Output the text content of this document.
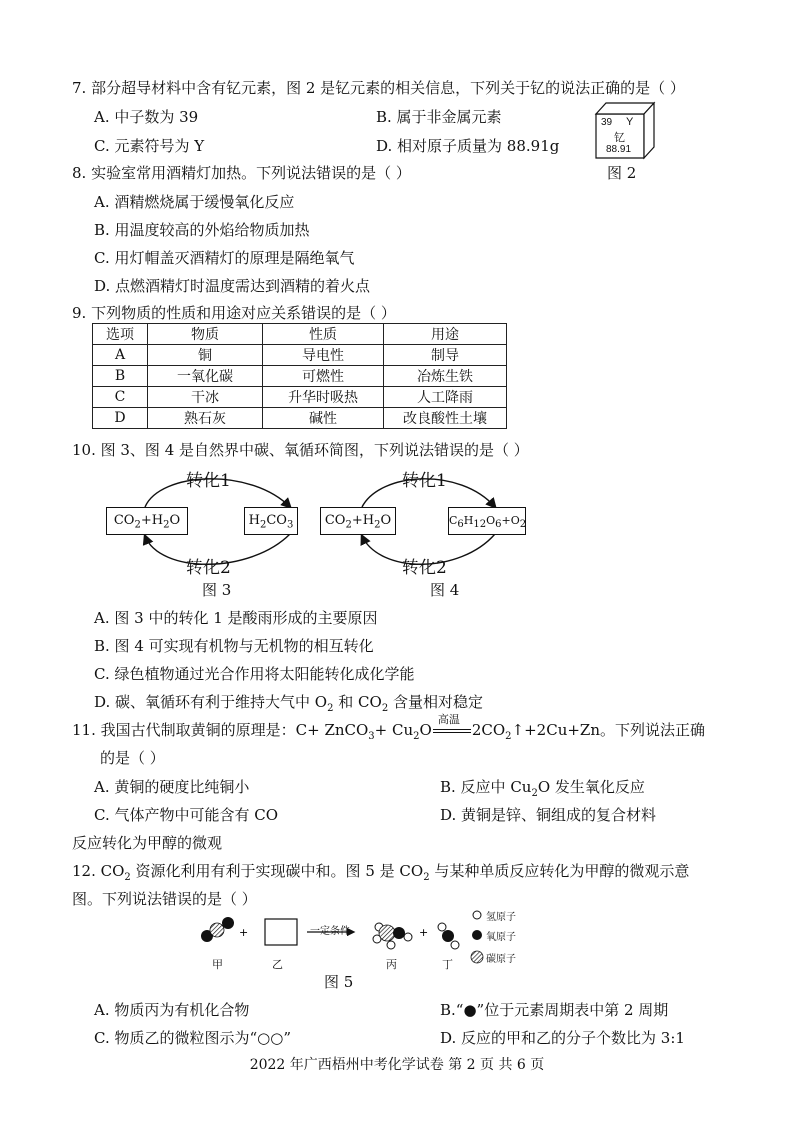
7. 部分超导材料中含有钇元素，图 2 是钇元素的相关信息，下列关于钇的说法正确的是（ ）
A. 中子数为 39	B. 属于非金属元素
C. 元素符号为 Y	D. 相对原子质量为 88.91g
39 Y
钇
88.91
图 2
8. 实验室常用酒精灯加热。下列说法错误的是（ ）
A. 酒精燃烧属于缓慢氧化反应
B. 用温度较高的外焰给物质加热
C. 用灯帽盖灭酒精灯的原理是隔绝氧气
D. 点燃酒精灯时温度需达到酒精的着火点
9. 下列物质的性质和用途对应关系错误的是（ ）
选项	物质	性质	用途
A	铜	导电性	制导
B	一氧化碳	可燃性	冶炼生铁
C	干冰	升华时吸热	人工降雨
D	熟石灰	碱性	改良酸性土壤
10. 图 3、图 4 是自然界中碳、氧循环简图，下列说法错误的是（ ）
转化1
转化2
转化1
转化2
$CO_2+H_2O$	$H_2CO_3$	$CO_2+H_2O$	C6H12O6+O2
图 3	图 4
A. 图 3 中的转化 1 是酸雨形成的主要原因
B. 图 4 可实现有机物与无机物的相互转化
C. 绿色植物通过光合作用将太阳能转化成化学能
D. 碳、氧循环有利于维持大气中 $O_2$ 和 $CO_2$ 含量相对稳定
11. 我国古代制取黄铜的原理是：C+ ZnCO$_3$+ $Cu_2O$
高温
$2CO_2↑+2Cu+Zn$。下列说法正确
的是（ ）
A. 黄铜的硬度比纯铜小	B. 反应中 $Cu_2O$ 发生氧化反应
C. 气体产物中可能含有 CO	D. 黄铜是锌、铜组成的复合材料
反应转化为甲醇的微观
12. $CO_2$ 资源化利用有利于实现碳中和。图 5 是 $CO_2$ 与某种单质反应转化为甲醇的微观示意
图。下列说法错误的是（ ）
+	+
一定条件
氢原子
氧原子
碳原子
甲	乙	丙	丁
图 5
A. 物质丙为有机化合物	B.“●”位于元素周期表中第 2 周期
C. 物质乙的微粒图示为“○○”	D. 反应的甲和乙的分子个数比为 3:1
2022 年广西梧州中考化学试卷 第 2 页 共 6 页
